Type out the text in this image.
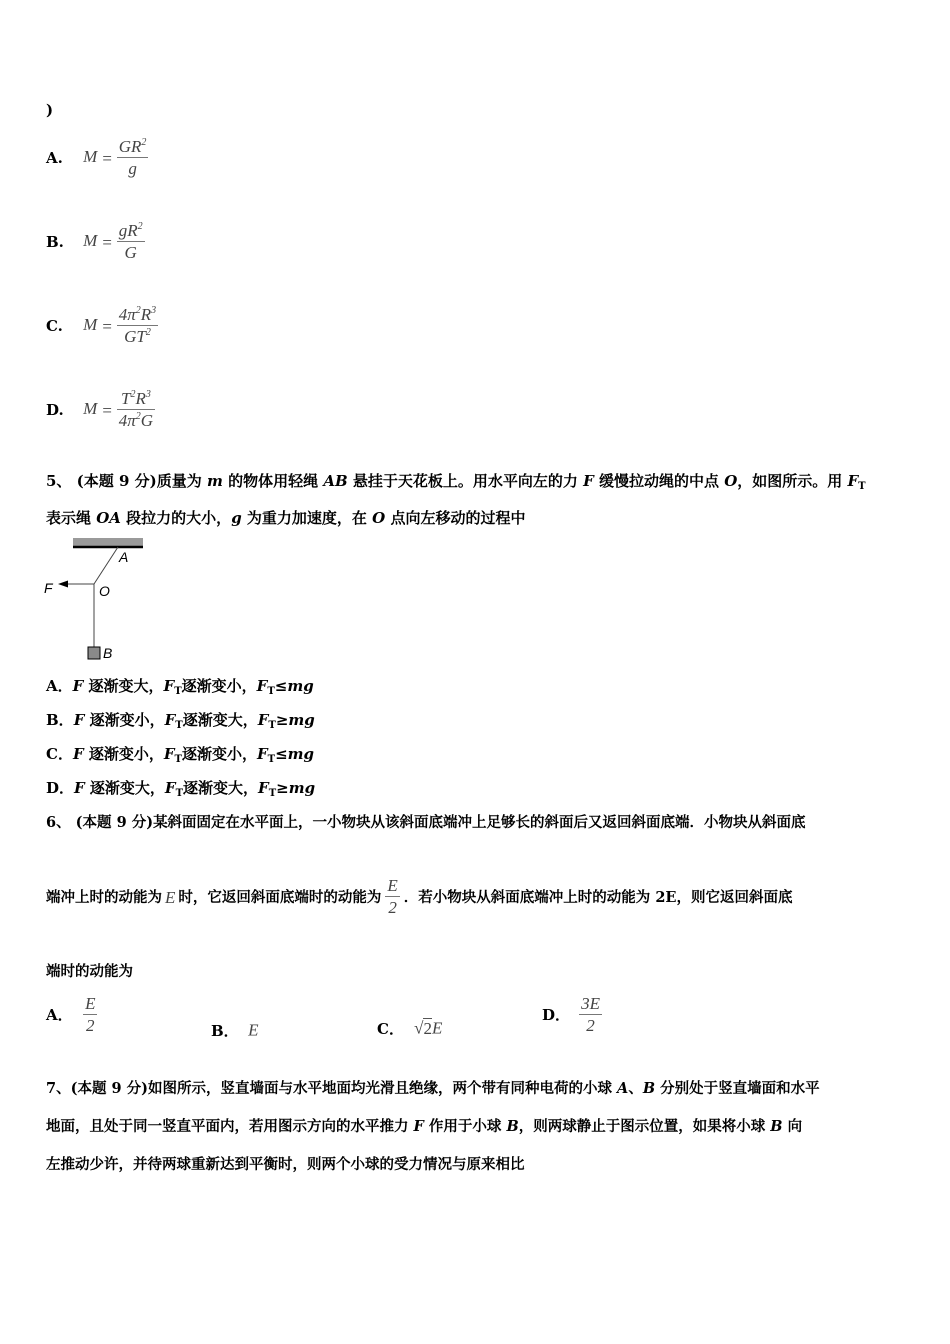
)
A. $M = \frac{GR^2}{g}$
B. $M = \frac{gR^2}{G}$
C. $M = \frac{4\pi^2R^3}{GT^2}$
D. $M = \frac{T^2R^3}{4\pi^2G}$
5、 (本题 9 分)质量为 m 的物体用轻绳 AB 悬挂于天花板上。用水平向左的力 F 缓慢拉动绳的中点 O，如图所示。用 $F_T$
表示绳 OA 段拉力的大小，g 为重力加速度，在 O 点向左移动的过程中
A
O
F
B
A．F 逐渐变大，$F_T$逐渐变小，$F_T\le mg$
B．F 逐渐变小，$F_T$逐渐变大，$F_T\ge mg$
C．F 逐渐变小，$F_T$逐渐变小，$F_T\le mg$
D．F 逐渐变大，$F_T$逐渐变大，$F_T\ge mg$
6、 (本题 9 分)某斜面固定在水平面上，一小物块从该斜面底端冲上足够长的斜面后又返回斜面底端．小物块从斜面底
端冲上时的动能为 E 时，它返回斜面底端时的动能为 $\frac{E}{2}$ ．若小物块从斜面底端冲上时的动能为 2E，则它返回斜面底
端时的动能为
A． $\frac{E}{2}$	B． E	C． √2E
D． $\frac{3E}{2}$
7、(本题 9 分)如图所示，竖直墙面与水平地面均光滑且绝缘，两个带有同种电荷的小球 A、B 分别处于竖直墙面和水平
地面，且处于同一竖直平面内，若用图示方向的水平推力 F 作用于小球 B，则两球静止于图示位置，如果将小球 B 向
左推动少许，并待两球重新达到平衡时，则两个小球的受力情况与原来相比
